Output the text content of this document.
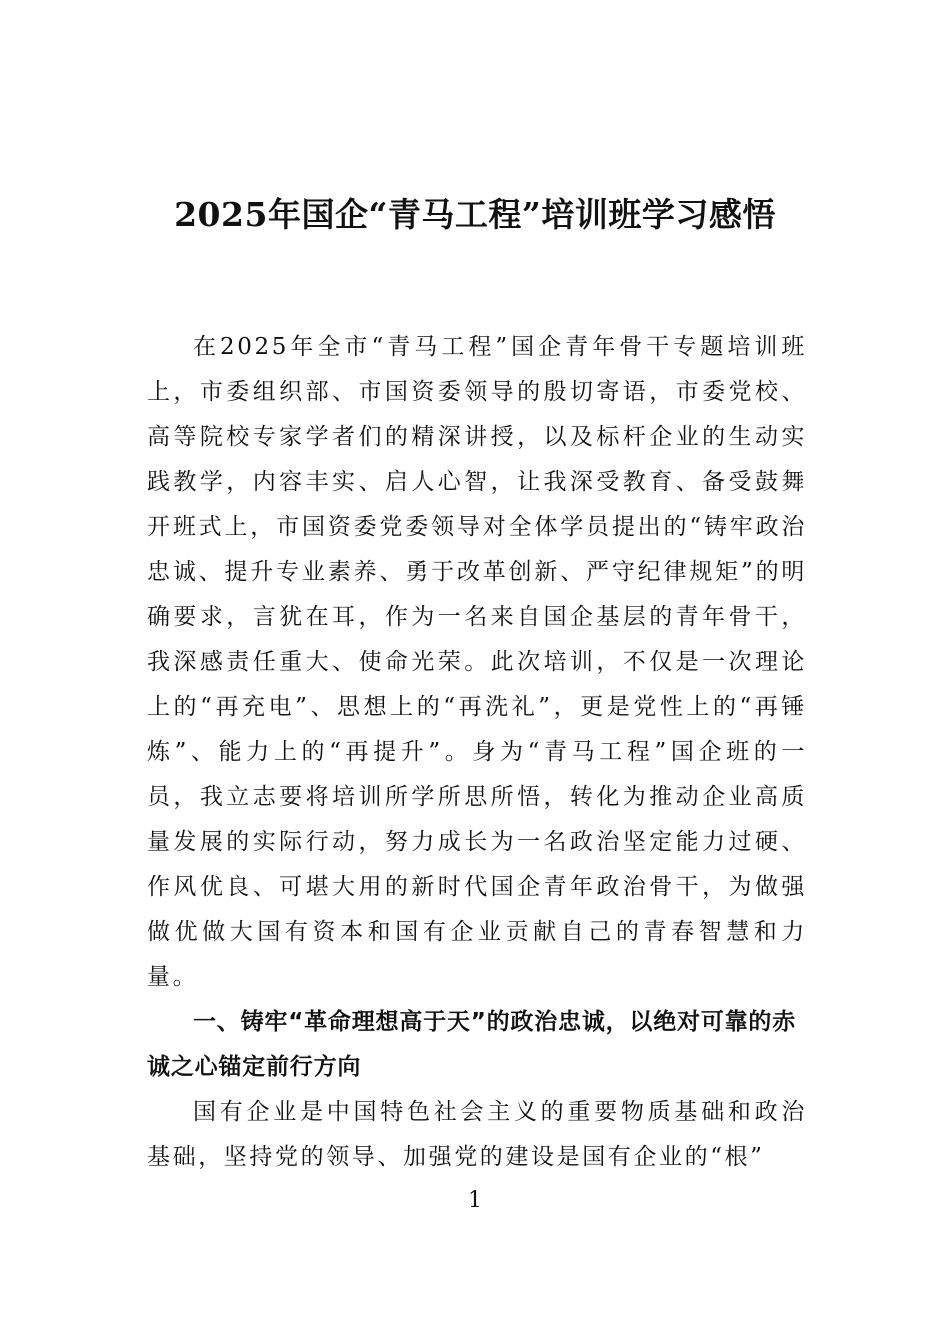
2025年国企“青马工程”培训班学习感悟

在2025年全市“青马工程”国企青年骨干专题培训班上，市委组织部、市国资委领导的殷切寄语，市委党校、高等院校专家学者们的精深讲授，以及标杆企业的生动实践教学，内容丰实、启人心智，让我深受教育、备受鼓舞开班式上，市国资委党委领导对全体学员提出的“铸牢政治忠诚、提升专业素养、勇于改革创新、严守纪律规矩”的明确要求，言犹在耳，作为一名来自国企基层的青年骨干，我深感责任重大、使命光荣。此次培训，不仅是一次理论上的“再充电”、思想上的“再洗礼”，更是党性上的“再锤炼”、能力上的“再提升”。身为“青马工程”国企班的一员，我立志要将培训所学所思所悟，转化为推动企业高质量发展的实际行动，努力成长为一名政治坚定能力过硬、作风优良、可堪大用的新时代国企青年政治骨干，为做强做优做大国有资本和国有企业贡献自己的青春智慧和力量。

一、铸牢“革命理想高于天”的政治忠诚，以绝对可靠的赤诚之心锚定前行方向

国有企业是中国特色社会主义的重要物质基础和政治基础，坚持党的领导、加强党的建设是国有企业的“根”

1
